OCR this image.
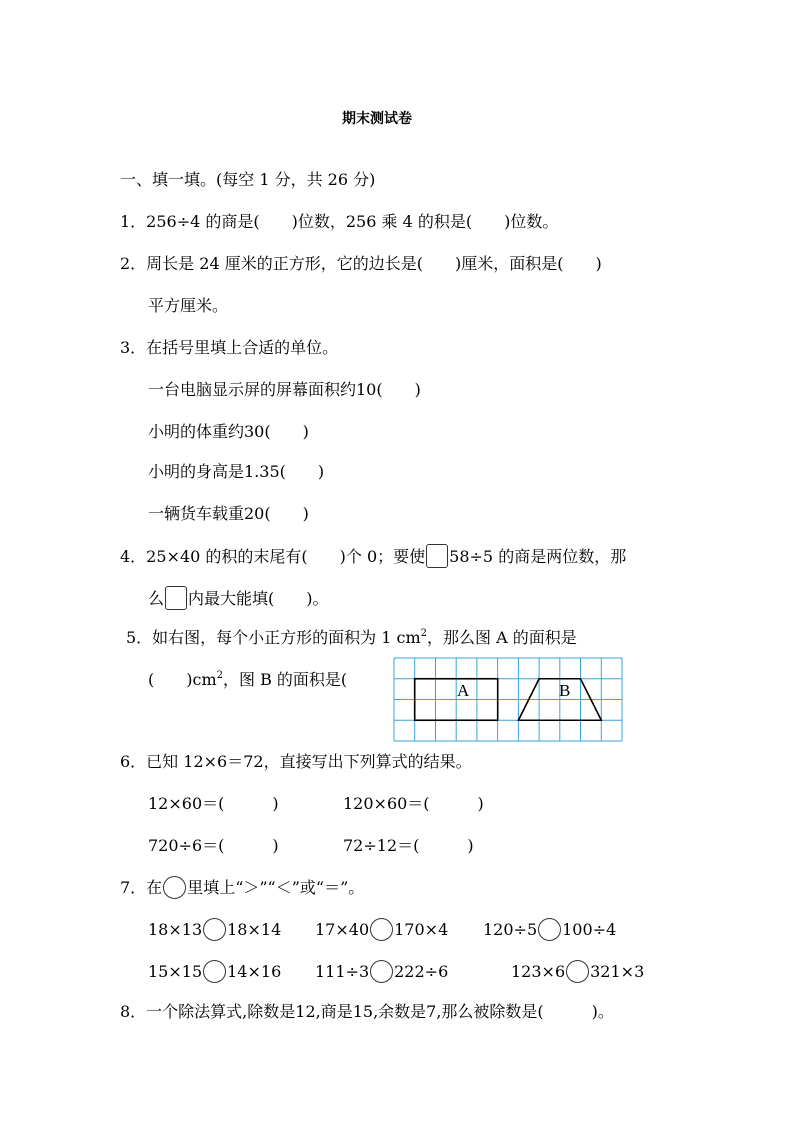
期末测试卷
一、填一填。(每空 1 分，共 26 分)
1．256÷4 的商是(　　)位数，256 乘 4 的积是(　　)位数。
2．周长是 24 厘米的正方形，它的边长是(　　)厘米，面积是(　　)
平方厘米。
3．在括号里填上合适的单位。
一台电脑显示屏的屏幕面积约10(　　)
小明的体重约30(　　)
小明的身高是1.35(　　)
一辆货车载重20(　　)
4．25×40 的积的末尾有(　　)个 0；要使 58÷5 的商是两位数，那
么 内最大能填(　　)。
5．如右图，每个小正方形的面积为 1 $cm^2$，那么图 A 的面积是
(　　)$cm^2$，图 B 的面积是(
A	B
6．已知 12×6＝72，直接写出下列算式的结果。
12×60＝(　　　)	120×60＝(　　　)
720÷6＝(　　　)	72÷12＝(　　　)
7．在 里填上“＞”“＜”或“＝”。
18×13 18×14 17×40 170×4 120÷5 100÷4
15×15 14×16 111÷3 222÷6	123×6 321×3
8．一个除法算式,除数是12,商是15,余数是7,那么被除数是(　　　)。
